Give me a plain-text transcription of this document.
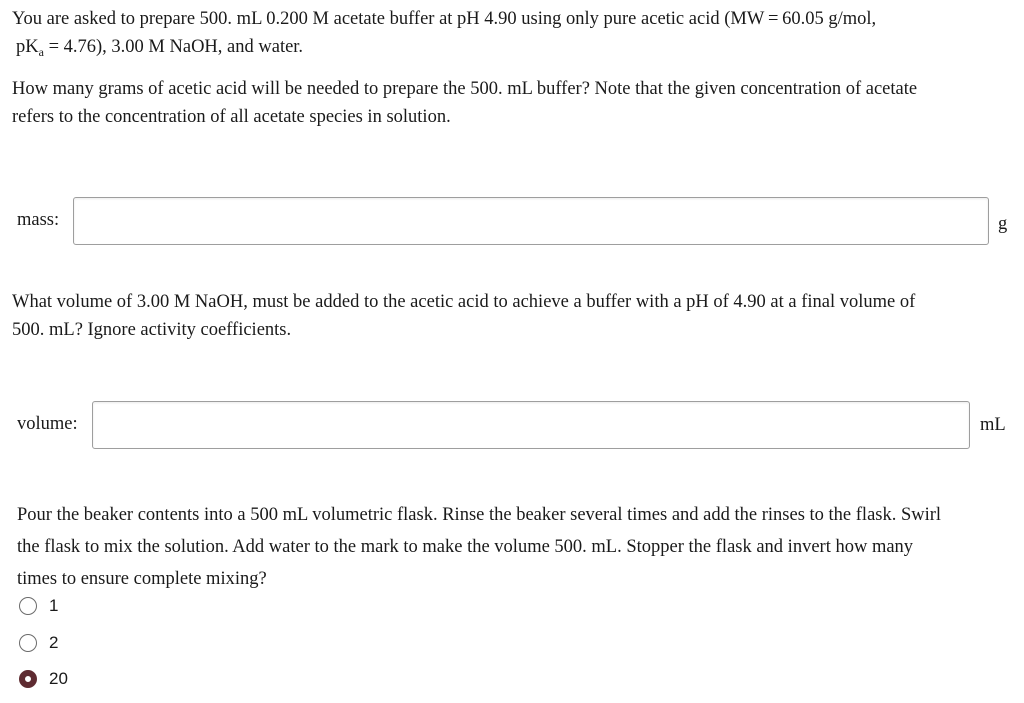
You are asked to prepare 500. mL 0.200 M acetate buffer at pH 4.90 using only pure acetic acid (MW = 60.05 g/mol,
$pK_a = 4.76$), 3.00 M NaOH, and water.
How many grams of acetic acid will be needed to prepare the 500. mL buffer? Note that the given concentration of acetate
refers to the concentration of all acetate species in solution.
mass:	g
What volume of 3.00 M NaOH, must be added to the acetic acid to achieve a buffer with a pH of 4.90 at a final volume of
500. mL? Ignore activity coefficients.
volume:	mL
Pour the beaker contents into a 500 mL volumetric flask. Rinse the beaker several times and add the rinses to the flask. Swirl
the flask to mix the solution. Add water to the mark to make the volume 500. mL. Stopper the flask and invert how many
times to ensure complete mixing?
1
2
20
